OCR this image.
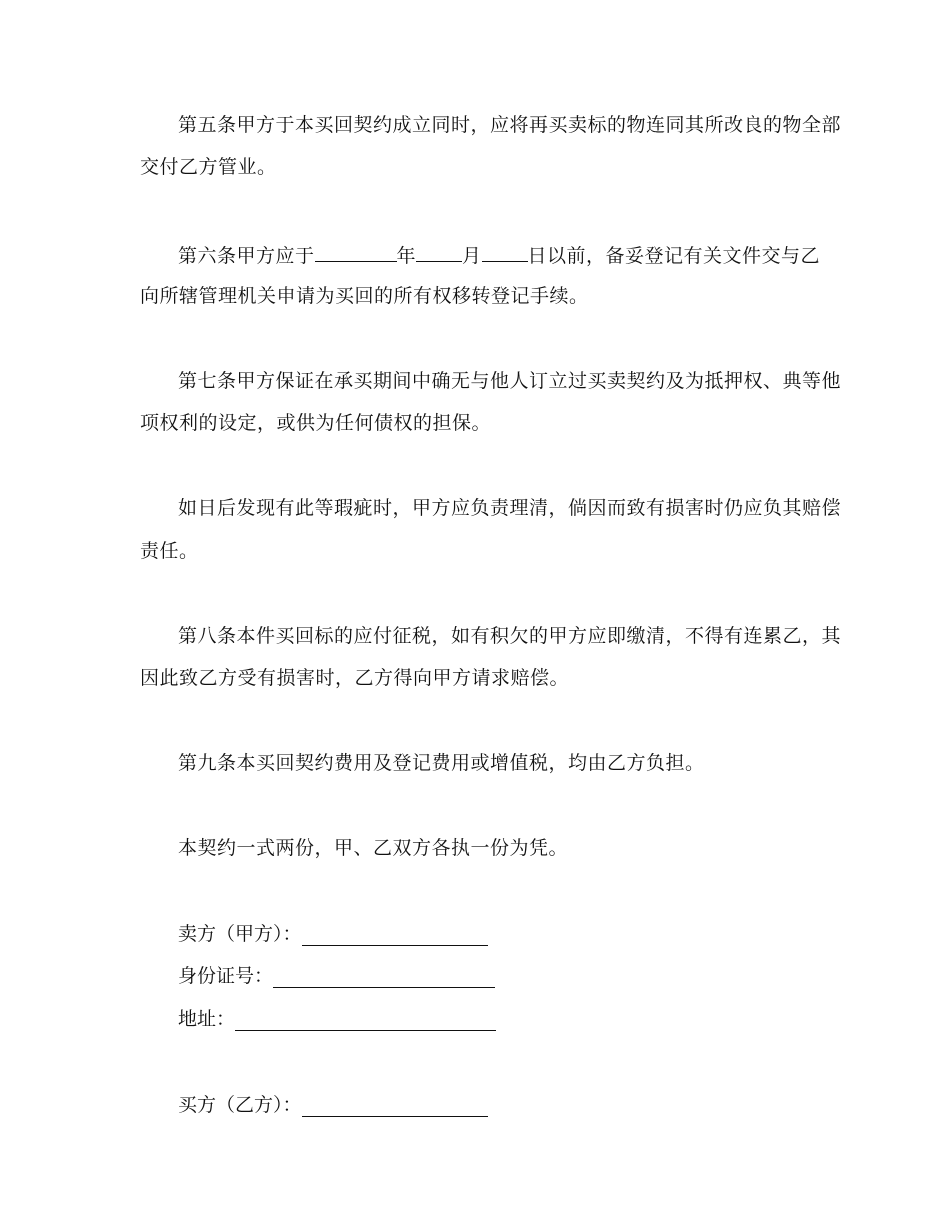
第五条甲方于本买回契约成立同时，应将再买卖标的物连同其所改良的物全部
交付乙方管业。
第六条甲方应于	年 月 日以前，备妥登记有关文件交与乙
向所辖管理机关申请为买回的所有权移转登记手续。
第七条甲方保证在承买期间中确无与他人订立过买卖契约及为抵押权、典等他
项权利的设定，或供为任何债权的担保。
如日后发现有此等瑕疵时，甲方应负责理清，倘因而致有损害时仍应负其赔偿
责任。
第八条本件买回标的应付征税，如有积欠的甲方应即缴清，不得有连累乙，其
因此致乙方受有损害时，乙方得向甲方请求赔偿。
第九条本买回契约费用及登记费用或增值税，均由乙方负担。
本契约一式两份，甲、乙双方各执一份为凭。
卖方（甲方）：
身份证号：
地址：
买方（乙方）：
